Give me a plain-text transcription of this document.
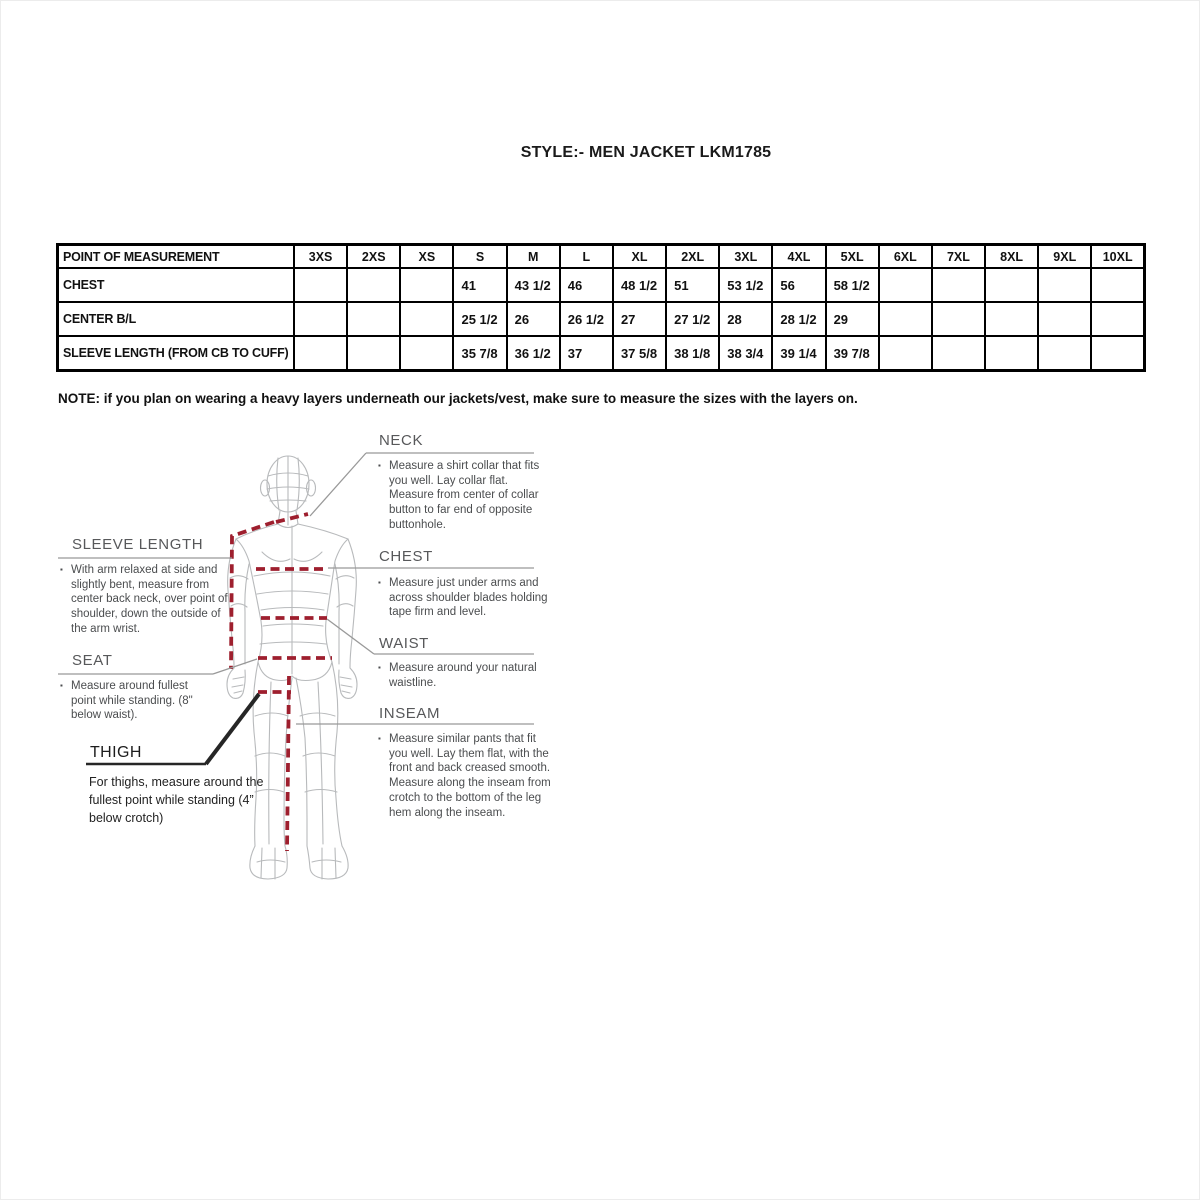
STYLE:- MEN JACKET LKM1785
POINT OF MEASUREMENT	3XS	2XS	XS	S	M	L	XL	2XL	3XL	4XL	5XL	6XL	7XL	8XL	9XL	10XL
CHEST				41	43 1/2	46	48 1/2	51	53 1/2	56	58 1/2					
CENTER B/L				25 1/2	26	26 1/2	27	27 1/2	28	28 1/2	29					
SLEEVE LENGTH (FROM CB TO CUFF)				35 7/8	36 1/2	37	37 5/8	38 1/8	38 3/4	39 1/4	39 7/8					
NOTE: if you plan on wearing a heavy layers underneath our jackets/vest, make sure to measure the sizes with the layers on.
NECK
▪ Measure a shirt collar that fits you well. Lay collar flat. Measure from center of collar button to far end of opposite buttonhole.
CHEST
▪ Measure just under arms and across shoulder blades holding tape firm and level.
WAIST
▪ Measure around your natural waistline.
INSEAM
▪ Measure similar pants that fit you well. Lay them flat, with the front and back creased smooth. Measure along the inseam from crotch to the bottom of the leg hem along the inseam.
SLEEVE LENGTH
▪ With arm relaxed at side and slightly bent, measure from center back neck, over point of shoulder, down the outside of the arm wrist.
SEAT
▪ Measure around fullest point while standing. (8" below waist).
THIGH
For thighs, measure around the fullest point while standing (4” below crotch)
